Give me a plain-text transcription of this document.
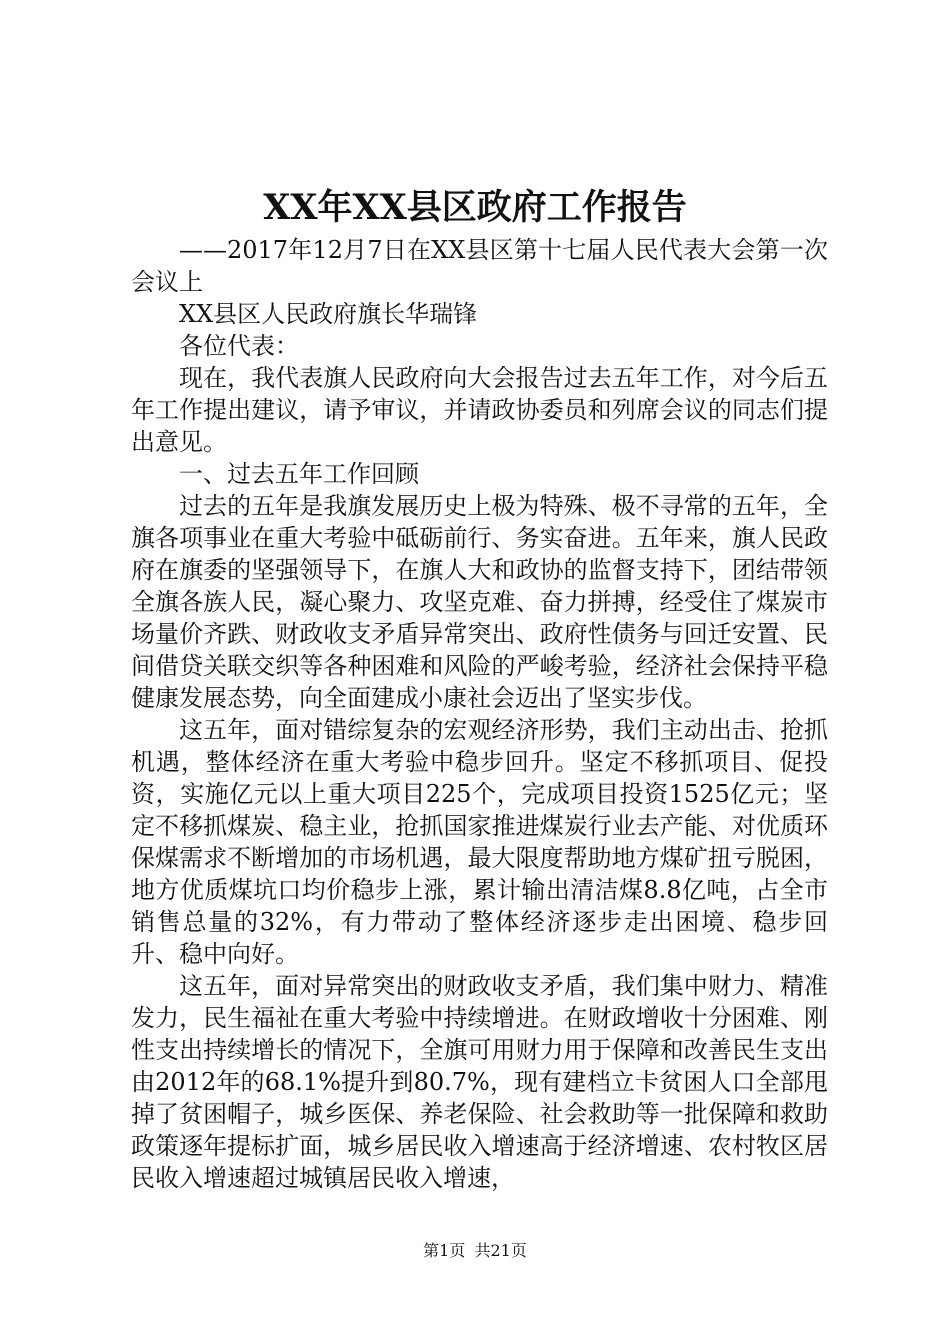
XX年XX县区政府工作报告

——2017年12月7日在XX县区第十七届人民代表大会第一次会议上

XX县区人民政府旗长华瑞锋

各位代表：

现在，我代表旗人民政府向大会报告过去五年工作，对今后五年工作提出建议，请予审议，并请政协委员和列席会议的同志们提出意见。

一、过去五年工作回顾

过去的五年是我旗发展历史上极为特殊、极不寻常的五年，全旗各项事业在重大考验中砥砺前行、务实奋进。五年来，旗人民政府在旗委的坚强领导下，在旗人大和政协的监督支持下，团结带领全旗各族人民，凝心聚力、攻坚克难、奋力拼搏，经受住了煤炭市场量价齐跌、财政收支矛盾异常突出、政府性债务与回迁安置、民间借贷关联交织等各种困难和风险的严峻考验，经济社会保持平稳健康发展态势，向全面建成小康社会迈出了坚实步伐。

这五年，面对错综复杂的宏观经济形势，我们主动出击、抢抓机遇，整体经济在重大考验中稳步回升。坚定不移抓项目、促投资，实施亿元以上重大项目225个，完成项目投资1525亿元；坚定不移抓煤炭、稳主业，抢抓国家推进煤炭行业去产能、对优质环保煤需求不断增加的市场机遇，最大限度帮助地方煤矿扭亏脱困，地方优质煤坑口均价稳步上涨，累计输出清洁煤8.8亿吨，占全市销售总量的32%，有力带动了整体经济逐步走出困境、稳步回升、稳中向好。

这五年，面对异常突出的财政收支矛盾，我们集中财力、精准发力，民生福祉在重大考验中持续增进。在财政增收十分困难、刚性支出持续增长的情况下，全旗可用财力用于保障和改善民生支出由2012年的68.1%提升到80.7%，现有建档立卡贫困人口全部甩掉了贫困帽子，城乡医保、养老保险、社会救助等一批保障和救助政策逐年提标扩面，城乡居民收入增速高于经济增速、农村牧区居民收入增速超过城镇居民收入增速，

第1页 共21页
